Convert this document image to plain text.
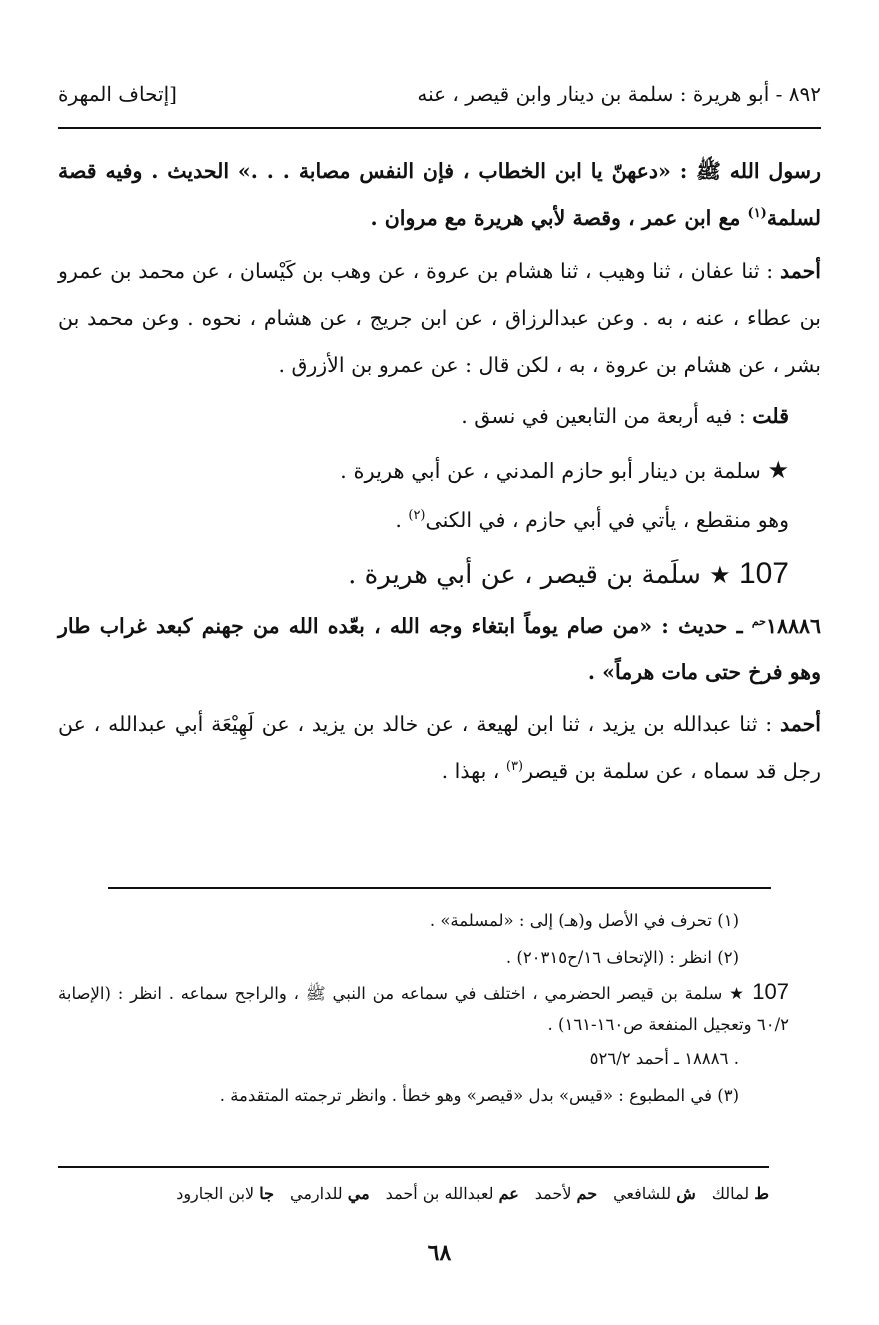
٨٩٢ - أبو هريرة : سلمة بن دينار وابن قيصر ، عنه
[إتحاف المهرة

رسول الله ﷺ : «دعهنّ يا ابن الخطاب ، فإن النفس مصابة . . .» الحديث . وفيه قصة لسلمة$^{(١)}$ مع ابن عمر ، وقصة لأبي هريرة مع مروان .

أحمد : ثنا عفان ، ثنا وهيب ، ثنا هشام بن عروة ، عن وهب بن كَيْسان ، عن محمد بن عمرو بن عطاء ، عنه ، به . وعن عبدالرزاق ، عن ابن جريج ، عن هشام ، نحوه . وعن محمد بن بشر ، عن هشام بن عروة ، به ، لكن قال : عن عمرو بن الأزرق .

قلت : فيه أربعة من التابعين في نسق .

★ سلمة بن دينار أبو حازم المدني ، عن أبي هريرة .

وهو منقطع ، يأتي في أبي حازم ، في الكنى$^{(٢)}$ .

107 ★ سلَمة بن قيصر ، عن أبي هريرة .

$١٨٨٨٦^{حم}$ ـ حديث : «من صام يوماً ابتغاء وجه الله ، بعّده الله من جهنم كبعد غراب طار وهو فرخ حتى مات هرماً» .

أحمد : ثنا عبدالله بن يزيد ، ثنا ابن لهيعة ، عن خالد بن يزيد ، عن لَهِيْعَة أبي عبدالله ، عن رجل قد سماه ، عن سلمة بن قيصر$^{(٣)}$ ، بهذا .

(١) تحرف في الأصل و(هـ) إلى : «لمسلمة» .

(٢) انظر : (الإتحاف ١٦/ح٢٠٣١٥) .

107 ★ سلمة بن قيصر الحضرمي ، اختلف في سماعه من النبي ﷺ ، والراجح سماعه . انظر : (الإصابة ٦٠/٢ وتعجيل المنفعة ص١٦٠-١٦١) .

. ١٨٨٨٦ ـ أحمد ٥٢٦/٢

(٣) في المطبوع : «قيس» بدل «قيصر» وهو خطأ . وانظر ترجمته المتقدمة .

ط لمالك
ش للشافعي
حم لأحمد
عم لعبدالله بن أحمد
مي للدارمي
جا لابن الجارود
٦٨
